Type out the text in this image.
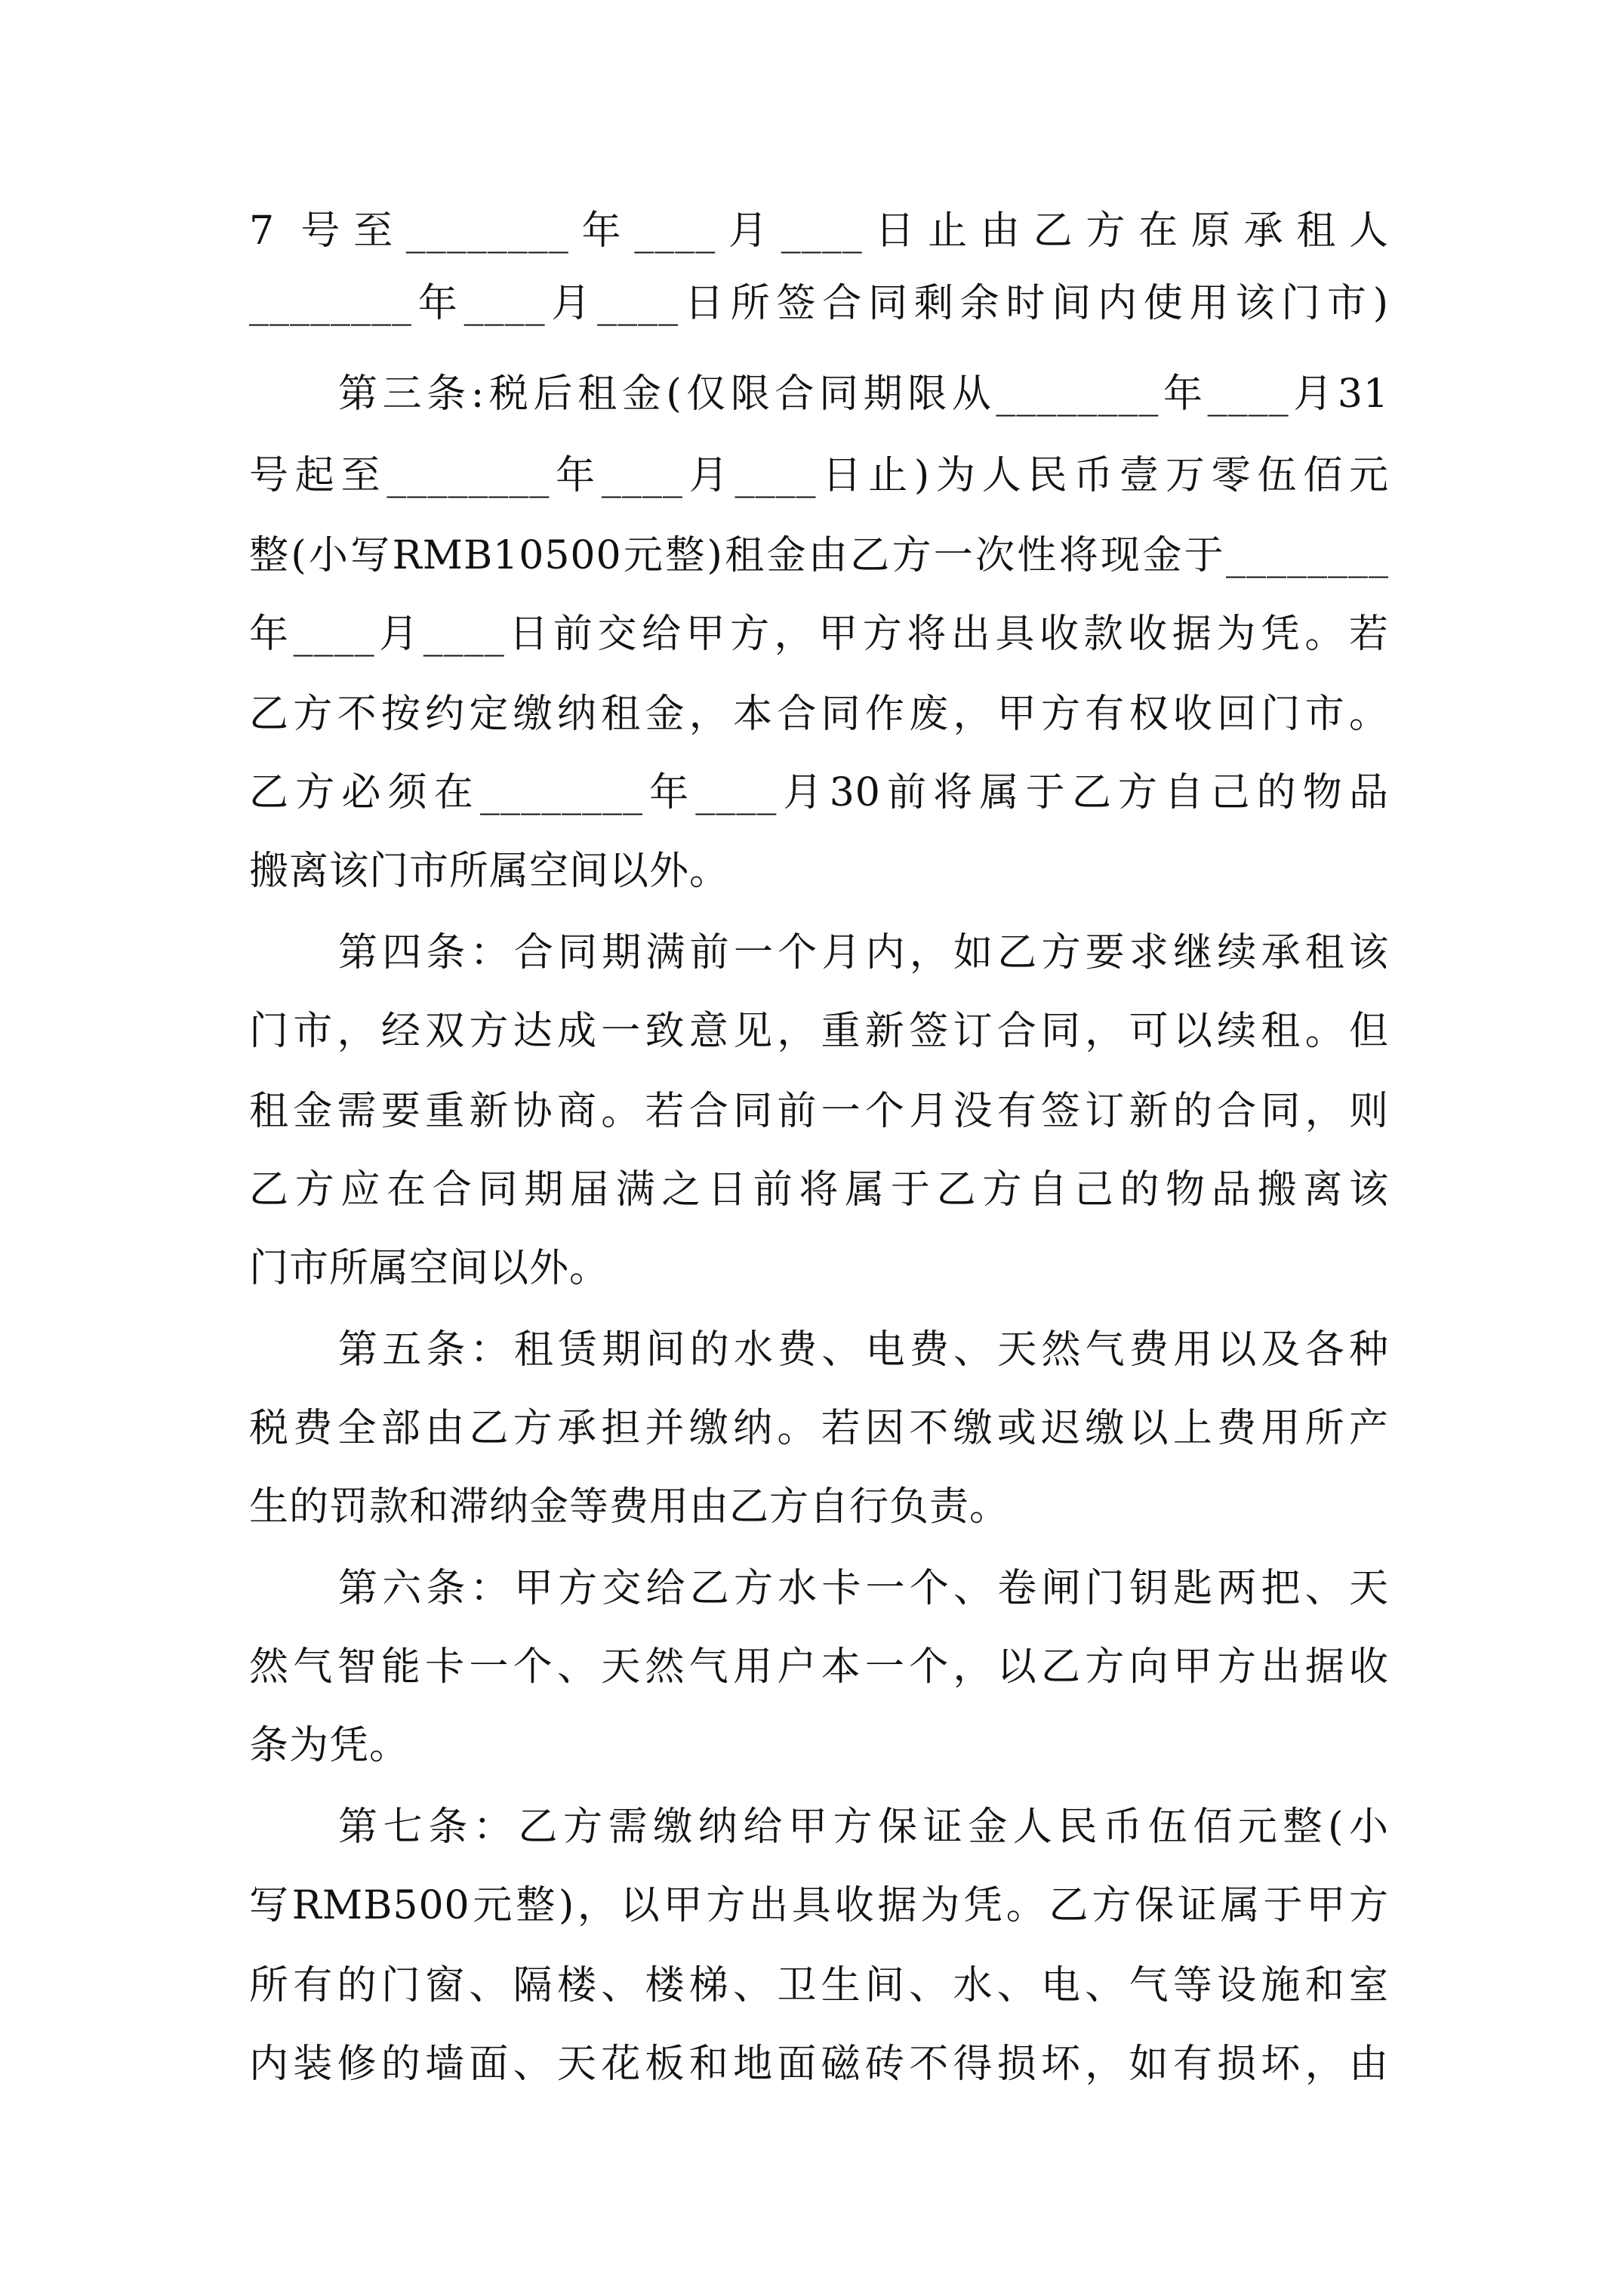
7 号至________年____月____日止由乙方在原承租人
________年____月____日所签合同剩余时间内使用该门市)
第三条:税后租金(仅限合同期限从________年____月31
号起至________年____月____日止)为人民币壹万零伍佰元
整(小写RMB10500元整)租金由乙方一次性将现金于________
年____月____日前交给甲方，甲方将出具收款收据为凭。若
乙方不按约定缴纳租金，本合同作废，甲方有权收回门市。
乙方必须在________年____月30前将属于乙方自己的物品
搬离该门市所属空间以外。
第四条：合同期满前一个月内，如乙方要求继续承租该
门市，经双方达成一致意见，重新签订合同，可以续租。但
租金需要重新协商。若合同前一个月没有签订新的合同，则
乙方应在合同期届满之日前将属于乙方自己的物品搬离该
门市所属空间以外。
第五条：租赁期间的水费、电费、天然气费用以及各种
税费全部由乙方承担并缴纳。若因不缴或迟缴以上费用所产
生的罚款和滞纳金等费用由乙方自行负责。
第六条：甲方交给乙方水卡一个、卷闸门钥匙两把、天
然气智能卡一个、天然气用户本一个，以乙方向甲方出据收
条为凭。
第七条：乙方需缴纳给甲方保证金人民币伍佰元整(小
写RMB500元整)，以甲方出具收据为凭。乙方保证属于甲方
所有的门窗、隔楼、楼梯、卫生间、水、电、气等设施和室
内装修的墙面、天花板和地面磁砖不得损坏，如有损坏，由
